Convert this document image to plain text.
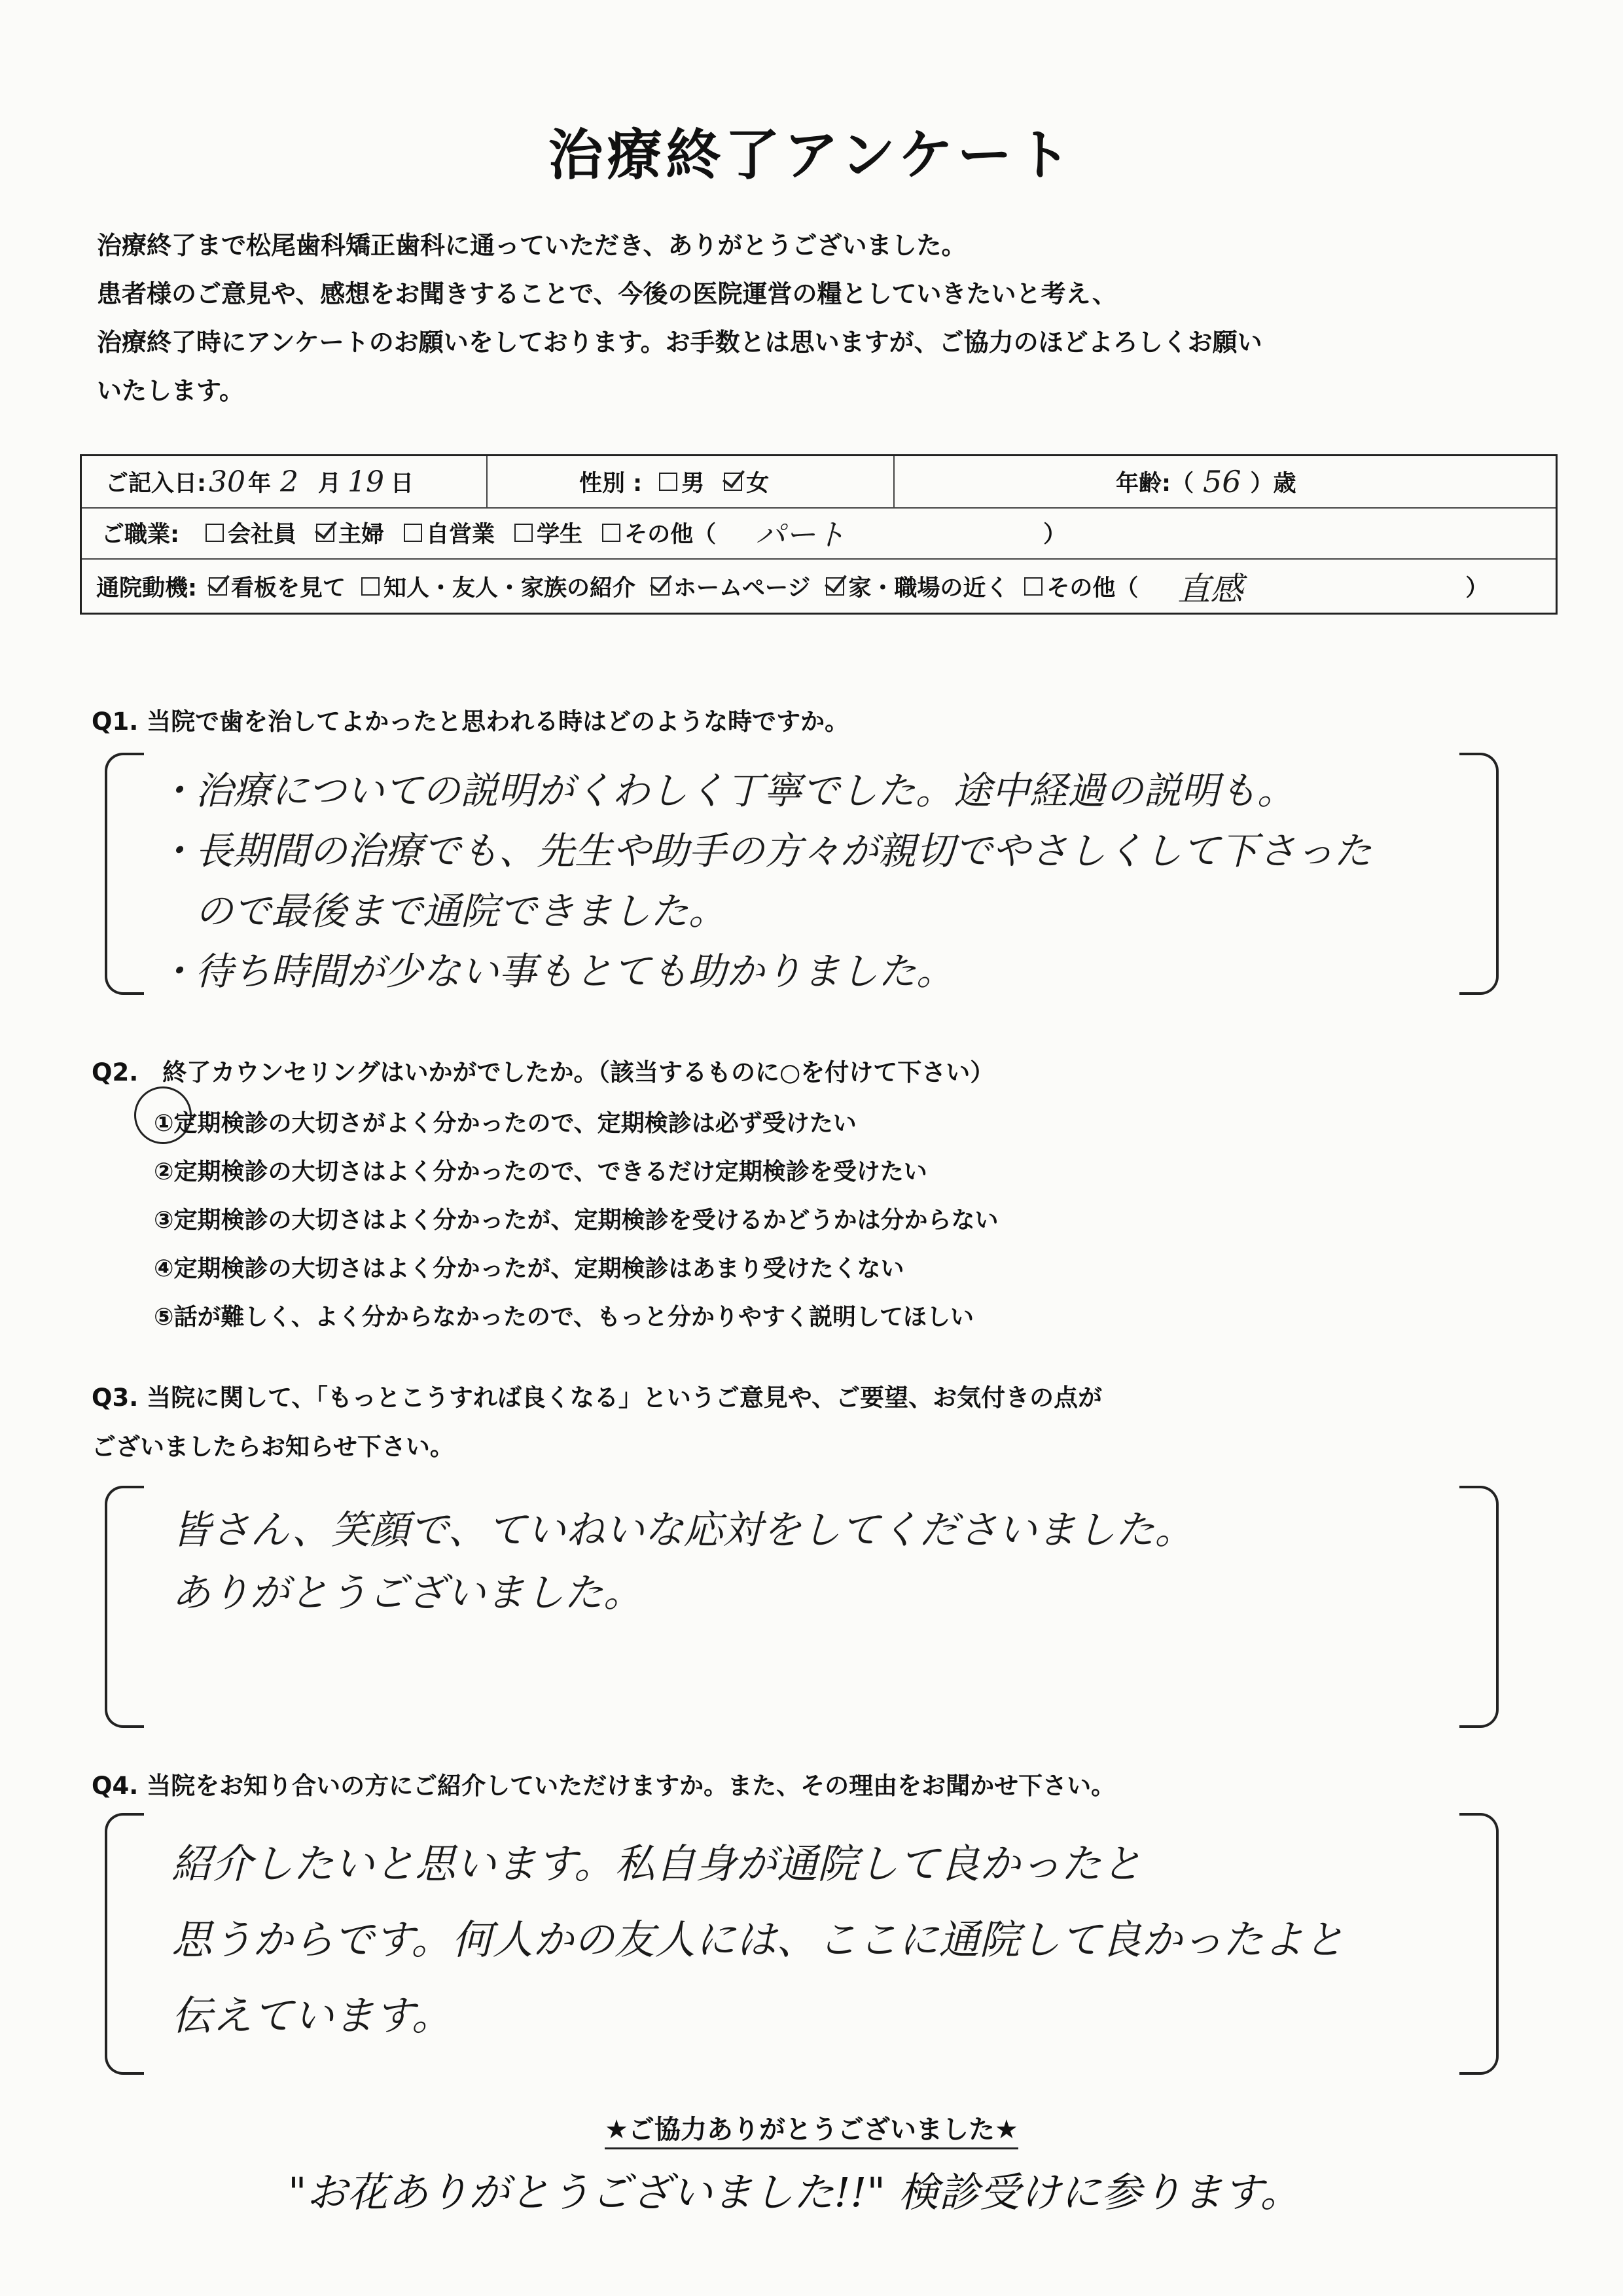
治療終了アンケート
治療終了まで松尾歯科矯正歯科に通っていただき、ありがとうございました。
患者様のご意見や、感想をお聞きすることで、今後の医院運営の糧としていきたいと考え、
治療終了時にアンケートのお願いをしております。お手数とは思いますが、ご協力のほどよろしくお願い
いたします。
ご記入日: 30 年 2 月 19 日	性別 : 男 女	年齢:（ 56 ）歳
ご職業: 会社員 主婦 自営業 学生 その他（ パート	）
通院動機: 看板を見て 知人・友人・家族の紹介 ホームページ 家・職場の近く その他（ 直感	）
Q1. 当院で歯を治してよかったと思われる時はどのような時ですか。
・治療についての説明がくわしく丁寧でした。途中経過の説明も。
・長期間の治療でも、先生や助手の方々が親切でやさしくして下さった
　ので最後まで通院できました。
・待ち時間が少ない事もとても助かりました。
Q2.　終了カウンセリングはいかがでしたか。（該当するものに○を付けて下さい）
①定期検診の大切さがよく分かったので、定期検診は必ず受けたい
②定期検診の大切さはよく分かったので、できるだけ定期検診を受けたい
③定期検診の大切さはよく分かったが、定期検診を受けるかどうかは分からない
④定期検診の大切さはよく分かったが、定期検診はあまり受けたくない
⑤話が難しく、よく分からなかったので、もっと分かりやすく説明してほしい
Q3. 当院に関して、「もっとこうすれば良くなる」というご意見や、ご要望、お気付きの点が
ございましたらお知らせ下さい。
皆さん、笑顔で、ていねいな応対をしてくださいました。
ありがとうございました。
Q4. 当院をお知り合いの方にご紹介していただけますか。また、その理由をお聞かせ下さい。
紹介したいと思います。私自身が通院して良かったと
思うからです。何人かの友人には、ここに通院して良かったよと
伝えています。
★ご協力ありがとうございました★
"お花ありがとうございました!!" 検診受けに参ります。
